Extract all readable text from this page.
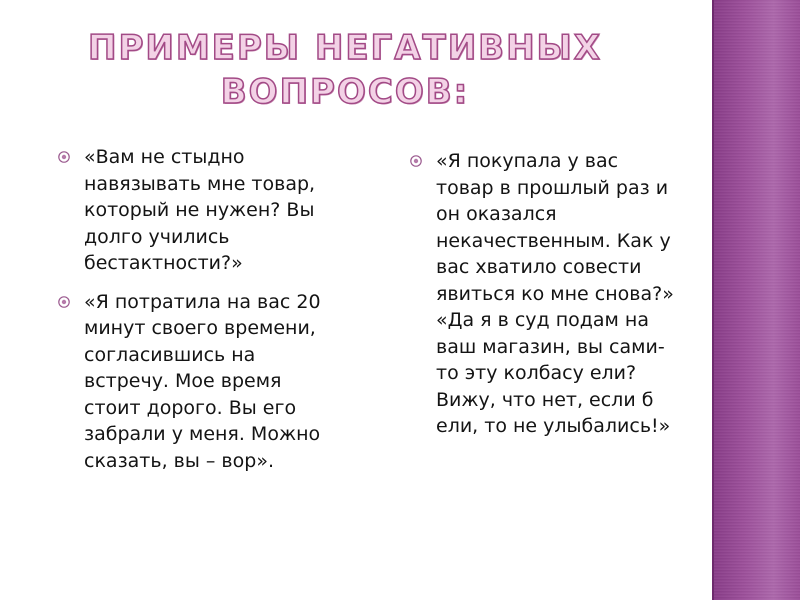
ПРИМЕРЫ НЕГАТИВНЫХ
ВОПРОСОВ:
«Вам не стыдно
навязывать мне товар,
который не нужен? Вы
долго учились
бестактности?»
«Я потратила на вас 20
минут своего времени,
согласившись на
встречу. Мое время
стоит дорого. Вы его
забрали у меня. Можно
сказать, вы – вор».
«Я покупала у вас
товар в прошлый раз и
он оказался
некачественным. Как у
вас хватило совести
явиться ко мне снова?»
«Да я в суд подам на
ваш магазин, вы сами-
то эту колбасу ели?
Вижу, что нет, если б
ели, то не улыбались!»
